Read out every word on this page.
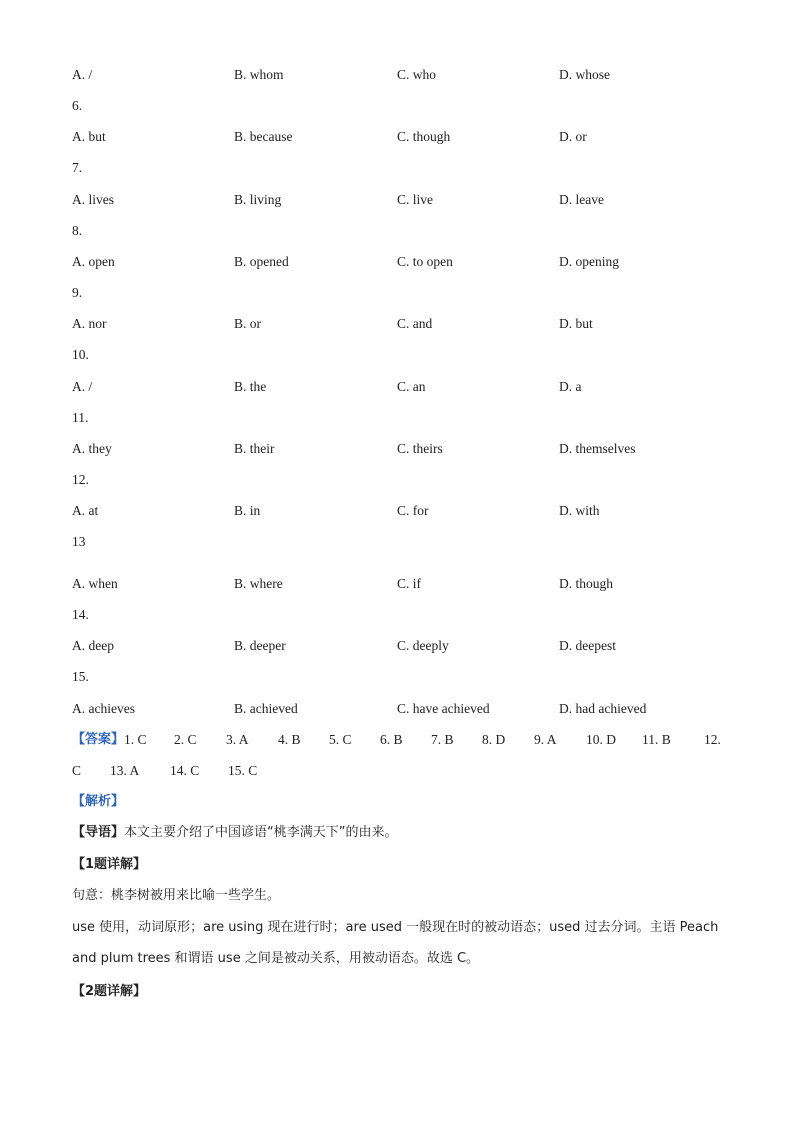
A. /	B. whom	C. who	D. whose
6.
A. but	B. because	C. though	D. or
7.
A. lives	B. living	C. live	D. leave
8.
A. open	B. opened	C. to open	D. opening
9.
A. nor	B. or	C. and	D. but
10.
A. /	B. the	C. an	D. a
11.
A. they	B. their	C. theirs	D. themselves
12.
A. at	B. in	C. for	D. with
13
A. when	B. where	C. if	D. though
14.
A. deep	B. deeper	C. deeply	D. deepest
15.
A. achieves	B. achieved	C. have achieved	D. had achieved
【答案】 1. C 2. C 3. A 4. B 5. C 6. B 7. B 8. D 9. A 10. D 11. B 12.
C 13. A 14. C 15. C
【解析】
【导语】本文主要介绍了中国谚语“桃李满天下”的由来。
【1题详解】
句意：桃李树被用来比喻一些学生。
use 使用，动词原形；are using 现在进行时；are used 一般现在时的被动语态；used 过去分词。主语 Peach
and plum trees 和谓语 use 之间是被动关系，用被动语态。故选 C。
【2题详解】
